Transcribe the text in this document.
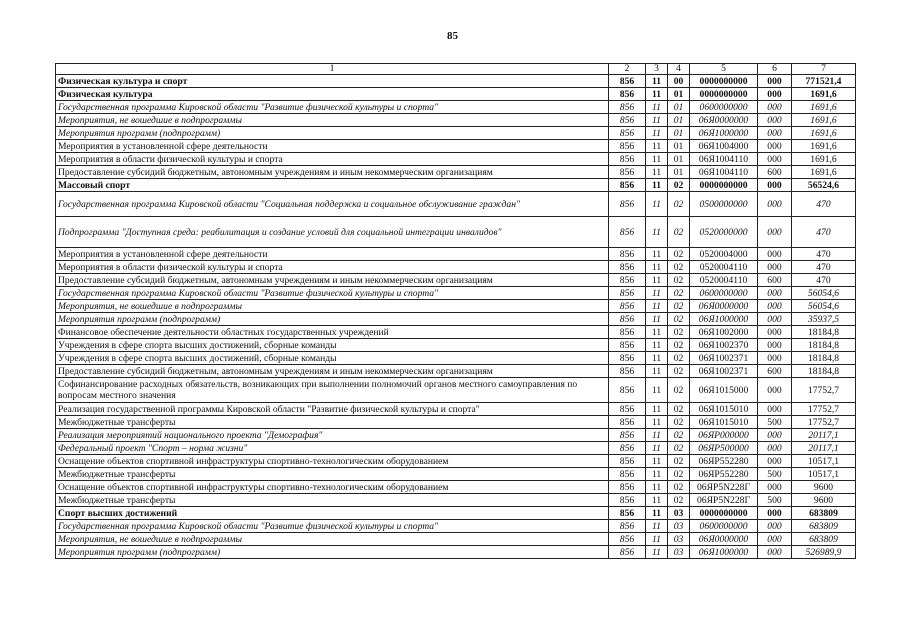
85
1	2	3	4	5	6	7
Физическая культура и спорт	856	11	00	0000000000	000	771521,4
Физическая культура	856	11	01	0000000000	000	1691,6
Государственная программа Кировской области "Развитие физической культуры и спорта"	856	11	01	0600000000	000	1691,6
Мероприятия, не вошедшие в подпрограммы	856	11	01	06Я0000000	000	1691,6
Мероприятия программ (подпрограмм)	856	11	01	06Я1000000	000	1691,6
Мероприятия в установленной сфере деятельности	856	11	01	06Я1004000	000	1691,6
Мероприятия в области физической культуры и спорта	856	11	01	06Я1004110	000	1691,6
Предоставление субсидий бюджетным, автономным учреждениям и иным некоммерческим организациям	856	11	01	06Я1004110	600	1691,6
Массовый спорт	856	11	02	0000000000	000	56524,6
Государственная программа Кировской области "Социальная поддержка и социальное обслуживание граждан"	856	11	02	0500000000	000	470
Подпрограмма "Доступная среда: реабилитация и создание условий для социальной интеграции инвалидов"	856	11	02	0520000000	000	470
Мероприятия в установленной сфере деятельности	856	11	02	0520004000	000	470
Мероприятия в области физической культуры и спорта	856	11	02	0520004110	000	470
Предоставление субсидий бюджетным, автономным учреждениям и иным некоммерческим организациям	856	11	02	0520004110	600	470
Государственная программа Кировской области "Развитие физической культуры и спорта"	856	11	02	0600000000	000	56054,6
Мероприятия, не вошедшие в подпрограммы	856	11	02	06Я0000000	000	56054,6
Мероприятия программ (подпрограмм)	856	11	02	06Я1000000	000	35937,5
Финансовое обеспечение деятельности областных государственных учреждений	856	11	02	06Я1002000	000	18184,8
Учреждения в сфере спорта высших достижений, сборные команды	856	11	02	06Я1002370	000	18184,8
Учреждения в сфере спорта высших достижений, сборные команды	856	11	02	06Я1002371	000	18184,8
Предоставление субсидий бюджетным, автономным учреждениям и иным некоммерческим организациям	856	11	02	06Я1002371	600	18184,8
Софинансирование расходных обязательств, возникающих при выполнении полномочий органов местного самоуправления по вопросам местного значения	856	11	02	06Я1015000	000	17752,7
Реализация государственной программы Кировской области "Развитие физической культуры и спорта"	856	11	02	06Я1015010	000	17752,7
Межбюджетные трансферты	856	11	02	06Я1015010	500	17752,7
Реализация мероприятий национального проекта "Демография"	856	11	02	06ЯР000000	000	20117,1
Федеральный проект "Спорт – норма жизни"	856	11	02	06ЯР500000	000	20117,1
Оснащение объектов спортивной инфраструктуры спортивно-технологическим оборудованием	856	11	02	06ЯР552280	000	10517,1
Межбюджетные трансферты	856	11	02	06ЯР552280	500	10517,1
Оснащение объектов спортивной инфраструктуры спортивно-технологическим оборудованием	856	11	02	06ЯР5N228Г	000	9600
Межбюджетные трансферты	856	11	02	06ЯР5N228Г	500	9600
Спорт высших достижений	856	11	03	0000000000	000	683809
Государственная программа Кировской области "Развитие физической культуры и спорта"	856	11	03	0600000000	000	683809
Мероприятия, не вошедшие в подпрограммы	856	11	03	06Я0000000	000	683809
Мероприятия программ (подпрограмм)	856	11	03	06Я1000000	000	526989,9
